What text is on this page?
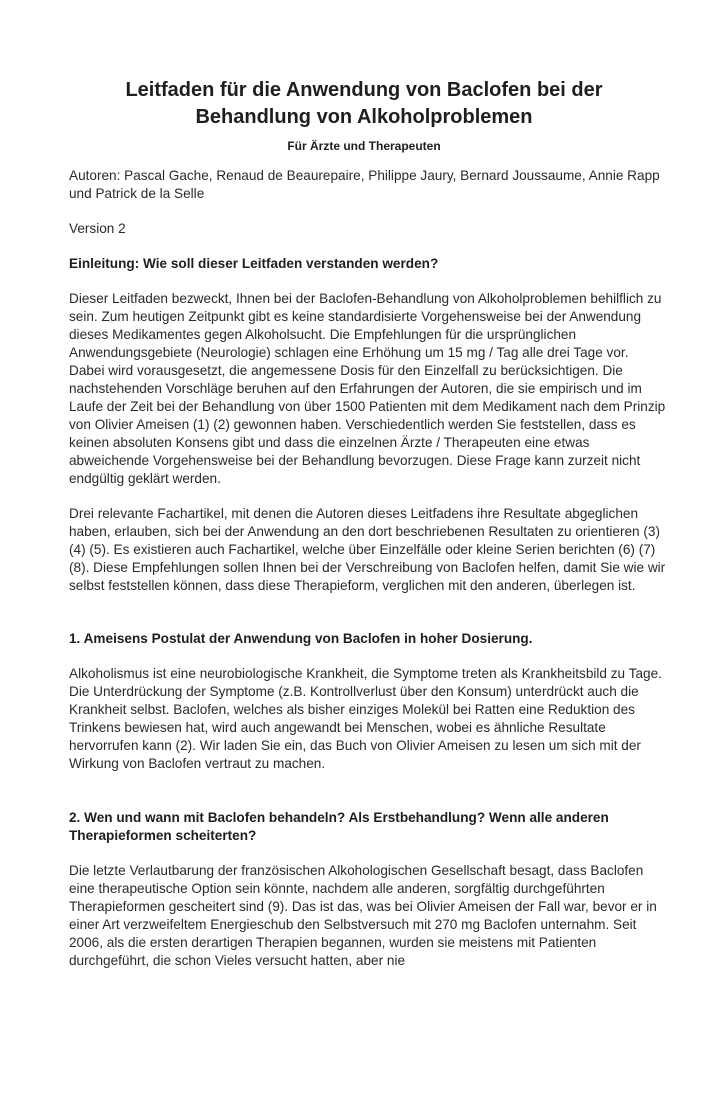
Leitfaden für die Anwendung von Baclofen bei der Behandlung von Alkoholproblemen
Für Ärzte und Therapeuten

Autoren: Pascal Gache, Renaud de Beaurepaire, Philippe Jaury, Bernard Joussaume, Annie Rapp und Patrick de la Selle

Version 2

Einleitung: Wie soll dieser Leitfaden verstanden werden?

Dieser Leitfaden bezweckt, Ihnen bei der Baclofen-Behandlung von Alkoholproblemen behilflich zu sein. Zum heutigen Zeitpunkt gibt es keine standardisierte Vorgehensweise bei der Anwendung dieses Medikamentes gegen Alkoholsucht. Die Empfehlungen für die ursprünglichen Anwendungsgebiete (Neurologie) schlagen eine Erhöhung um 15 mg / Tag alle drei Tage vor. Dabei wird vorausgesetzt, die angemessene Dosis für den Einzelfall zu berücksichtigen. Die nachstehenden Vorschläge beruhen auf den Erfahrungen der Autoren, die sie empirisch und im Laufe der Zeit bei der Behandlung von über 1500 Patienten mit dem Medikament nach dem Prinzip von Olivier Ameisen (1) (2) gewonnen haben. Verschiedentlich werden Sie feststellen, dass es keinen absoluten Konsens gibt und dass die einzelnen Ärzte / Therapeuten eine etwas abweichende Vorgehensweise bei der Behandlung bevorzugen. Diese Frage kann zurzeit nicht endgültig geklärt werden.

Drei relevante Fachartikel, mit denen die Autoren dieses Leitfadens ihre Resultate abgeglichen haben, erlauben, sich bei der Anwendung an den dort beschriebenen Resultaten zu orientieren (3) (4) (5). Es existieren auch Fachartikel, welche über Einzelfälle oder kleine Serien berichten (6) (7) (8). Diese Empfehlungen sollen Ihnen bei der Verschreibung von Baclofen helfen, damit Sie wie wir selbst feststellen können, dass diese Therapieform, verglichen mit den anderen, überlegen ist.

1. Ameisens Postulat der Anwendung von Baclofen in hoher Dosierung.

Alkoholismus ist eine neurobiologische Krankheit, die Symptome treten als Krankheitsbild zu Tage. Die Unterdrückung der Symptome (z.B. Kontrollverlust über den Konsum) unterdrückt auch die Krankheit selbst. Baclofen, welches als bisher einziges Molekül bei Ratten eine Reduktion des Trinkens bewiesen hat, wird auch angewandt bei Menschen, wobei es ähnliche Resultate hervorrufen kann (2). Wir laden Sie ein, das Buch von Olivier Ameisen zu lesen um sich mit der Wirkung von Baclofen vertraut zu machen.

2. Wen und wann mit Baclofen behandeln? Als Erstbehandlung? Wenn alle anderen Therapieformen scheiterten?

Die letzte Verlautbarung der französischen Alkohologischen Gesellschaft besagt, dass Baclofen eine therapeutische Option sein könnte, nachdem alle anderen, sorgfältig durchgeführten Therapieformen gescheitert sind (9). Das ist das, was bei Olivier Ameisen der Fall war, bevor er in einer Art verzweifeltem Energieschub den Selbstversuch mit 270 mg Baclofen unternahm. Seit 2006, als die ersten derartigen Therapien begannen, wurden sie meistens mit Patienten durchgeführt, die schon Vieles versucht hatten, aber nie
